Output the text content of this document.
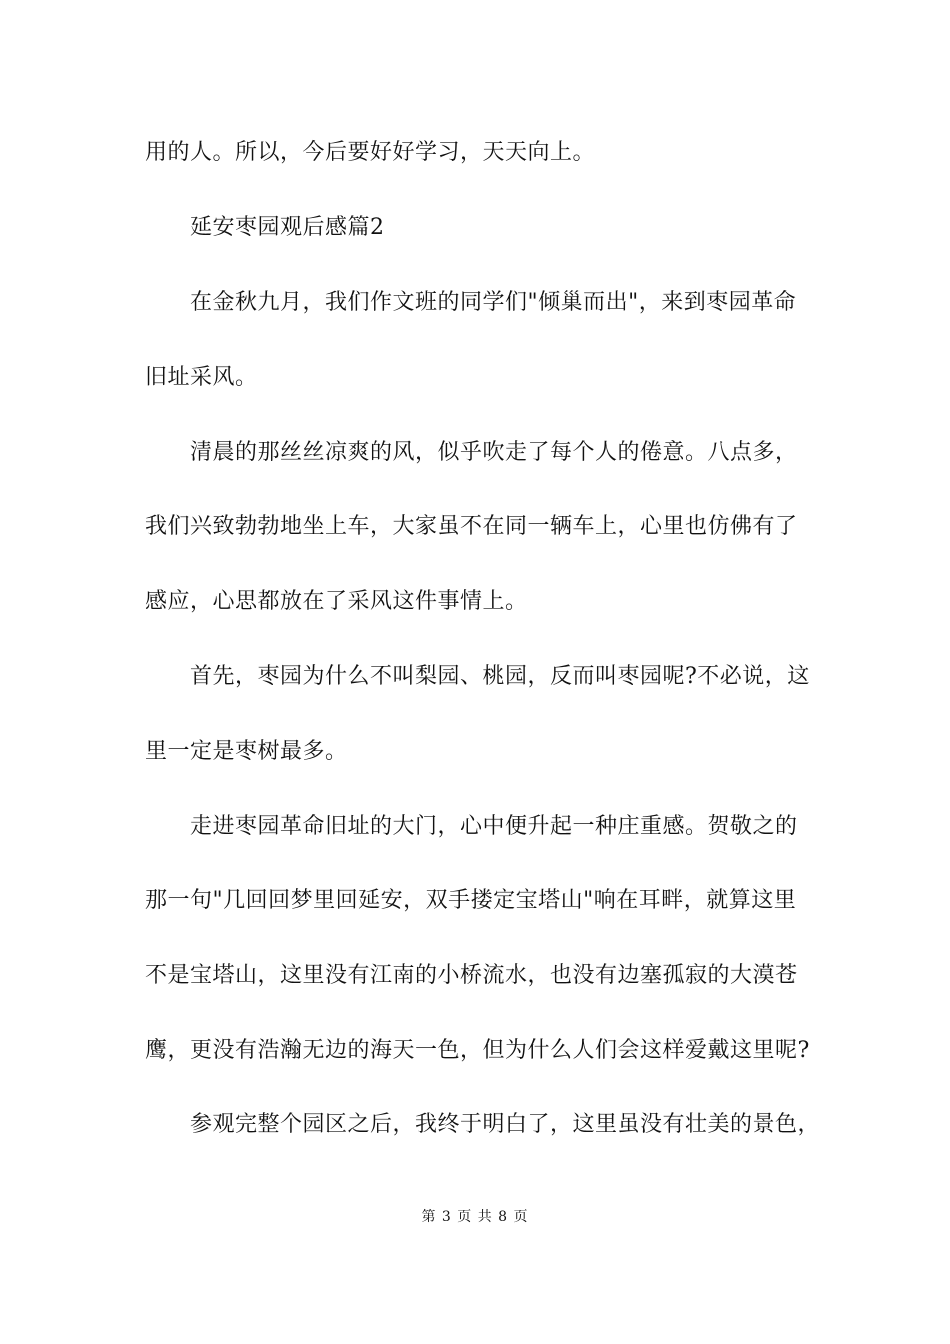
用的人。所以，今后要好好学习，天天向上。
延安枣园观后感篇2
在金秋九月，我们作文班的同学们"倾巢而出"，来到枣园革命
旧址采风。
清晨的那丝丝凉爽的风，似乎吹走了每个人的倦意。八点多，
我们兴致勃勃地坐上车，大家虽不在同一辆车上，心里也仿佛有了
感应，心思都放在了采风这件事情上。
首先，枣园为什么不叫梨园、桃园，反而叫枣园呢?不必说，这
里一定是枣树最多。
走进枣园革命旧址的大门，心中便升起一种庄重感。贺敬之的
那一句"几回回梦里回延安，双手搂定宝塔山"响在耳畔，就算这里
不是宝塔山，这里没有江南的小桥流水，也没有边塞孤寂的大漠苍
鹰，更没有浩瀚无边的海天一色，但为什么人们会这样爱戴这里呢?
参观完整个园区之后，我终于明白了，这里虽没有壮美的景色，
第 3 页 共 8 页
